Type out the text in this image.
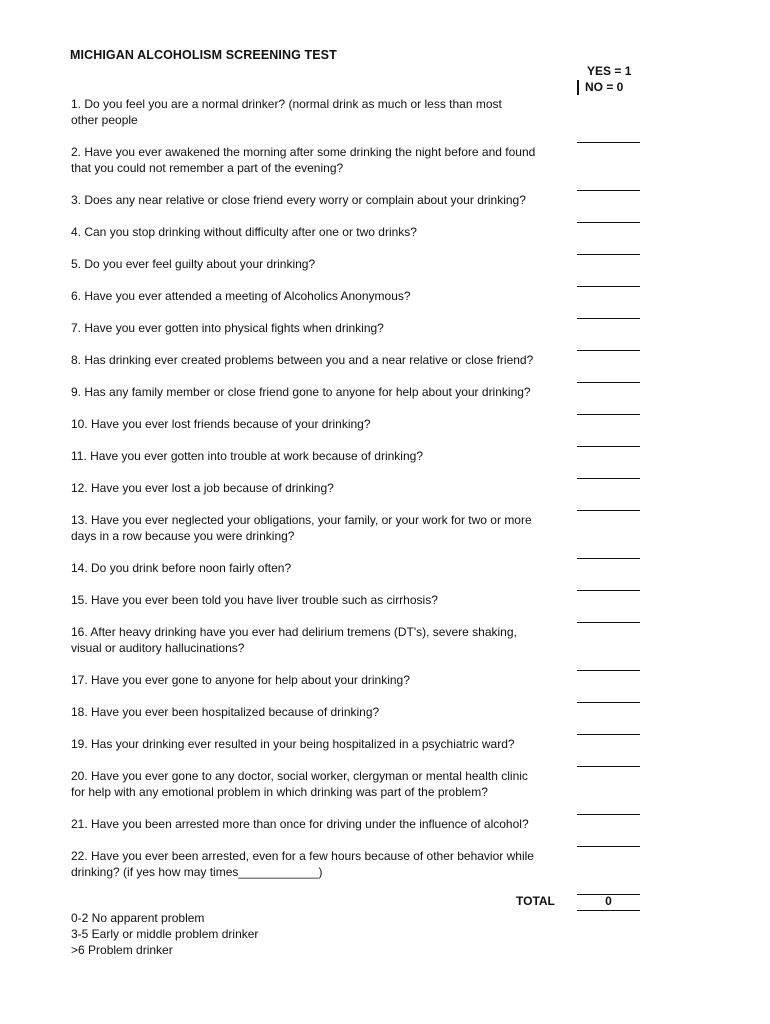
MICHIGAN ALCOHOLISM SCREENING TEST
YES = 1
NO = 0
1. Do you feel you are a normal drinker? (normal drink as much or less than most
other people
2. Have you ever awakened the morning after some drinking the night before and found
that you could not remember a part of the evening?
3. Does any near relative or close friend every worry or complain about your drinking?
4. Can you stop drinking without difficulty after one or two drinks?
5. Do you ever feel guilty about your drinking?
6. Have you ever attended a meeting of Alcoholics Anonymous?
7. Have you ever gotten into physical fights when drinking?
8. Has drinking ever created problems between you and a near relative or close friend?
9. Has any family member or close friend gone to anyone for help about your drinking?
10. Have you ever lost friends because of your drinking?
11. Have you ever gotten into trouble at work because of drinking?
12. Have you ever lost a job because of drinking?
13. Have you ever neglected your obligations, your family, or your work for two or more
days in a row because you were drinking?
14. Do you drink before noon fairly often?
15. Have you ever been told you have liver trouble such as cirrhosis?
16. After heavy drinking have you ever had delirium tremens (DT's), severe shaking,
visual or auditory hallucinations?
17. Have you ever gone to anyone for help about your drinking?
18. Have you ever been hospitalized because of drinking?
19. Has your drinking ever resulted in your being hospitalized in a psychiatric ward?
20. Have you ever gone to any doctor, social worker, clergyman or mental health clinic
for help with any emotional problem in which drinking was part of the problem?
21. Have you been arrested more than once for driving under the influence of alcohol?
22. Have you ever been arrested, even for a few hours because of other behavior while
drinking? (if yes how may times____________)
TOTAL	0
0-2 No apparent problem
3-5 Early or middle problem drinker
>6 Problem drinker
